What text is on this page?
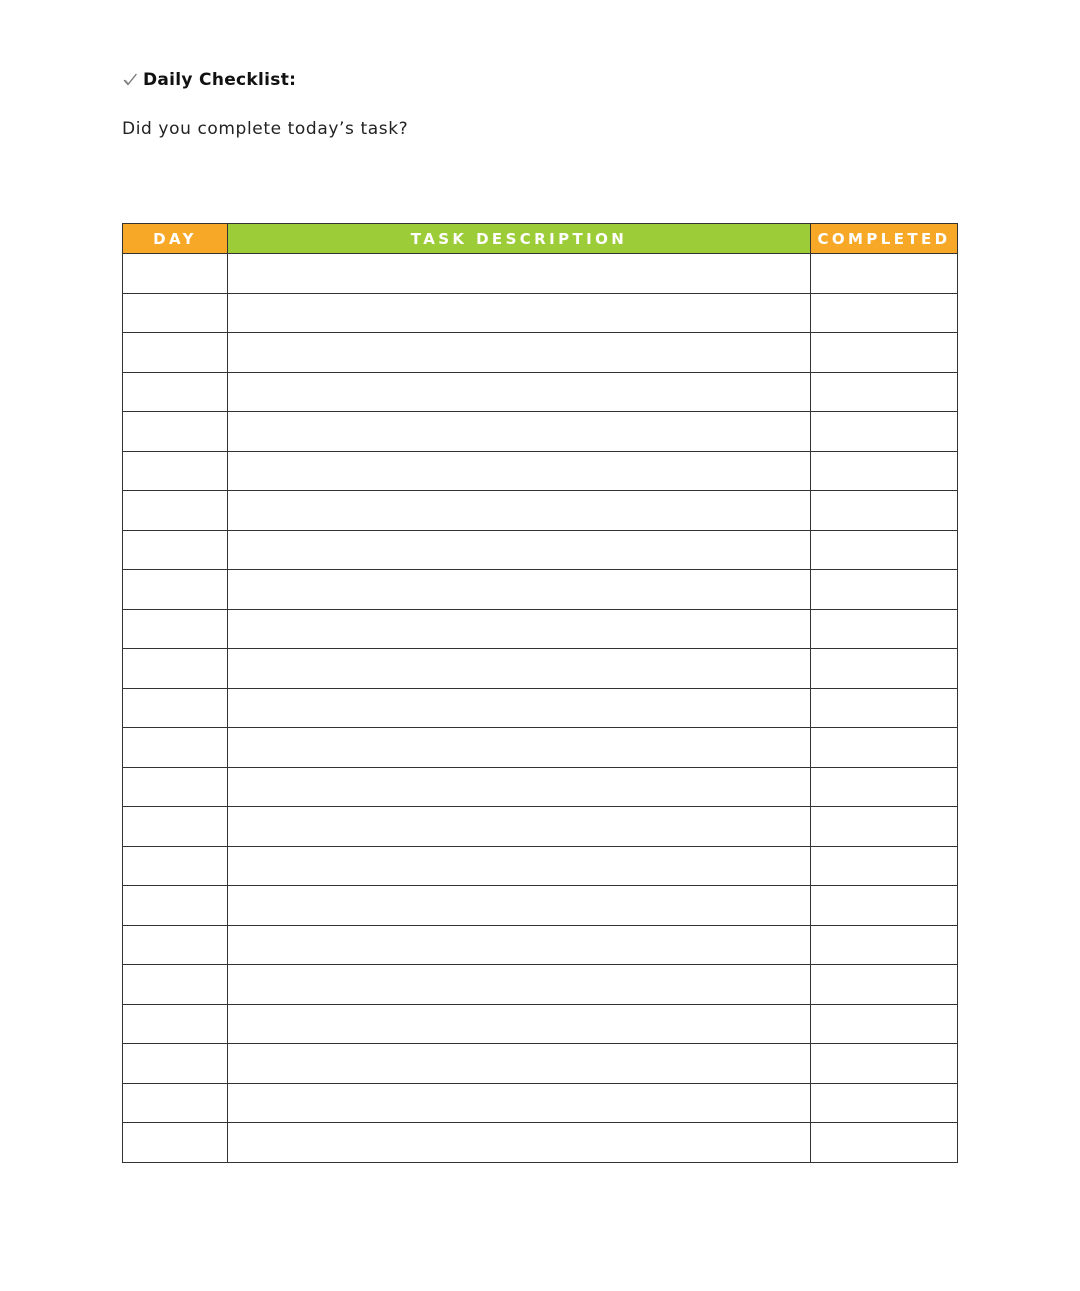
Daily Checklist:
Did you complete today’s task?
DAY	TASK DESCRIPTION	COMPLETED
